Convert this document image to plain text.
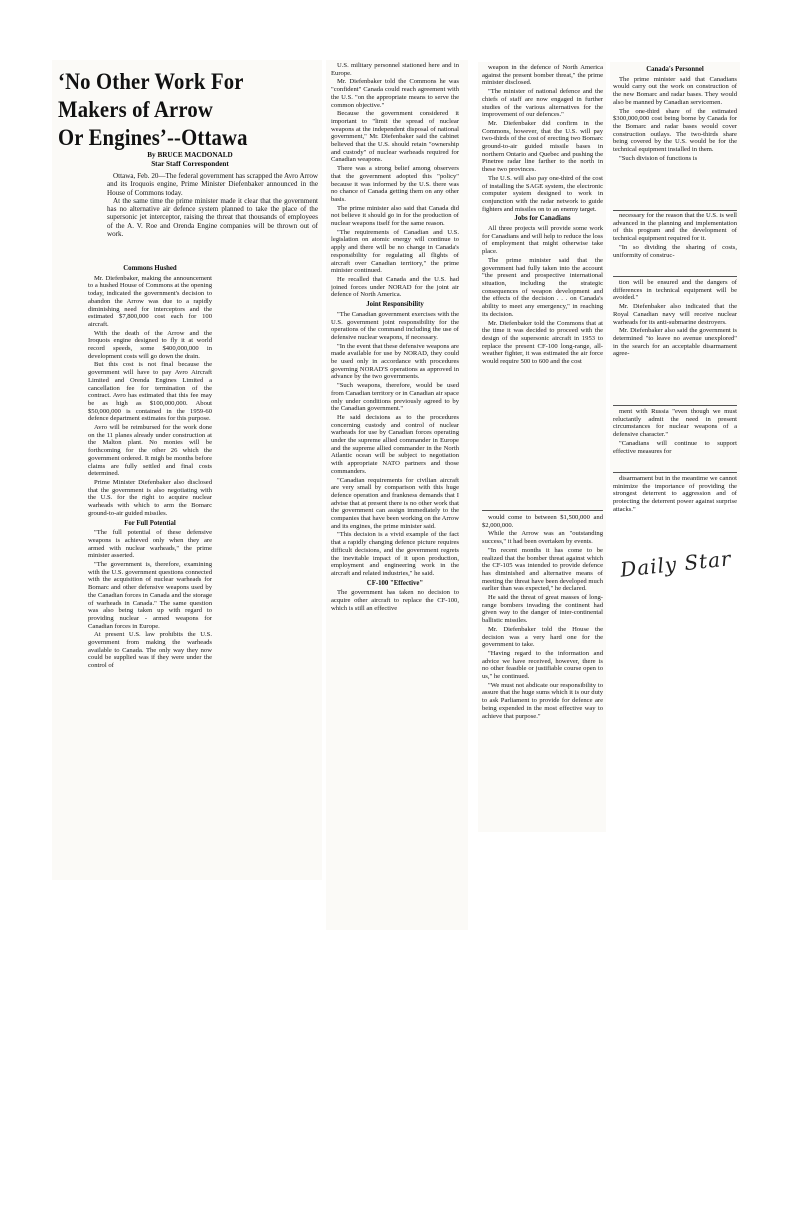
‘No Other Work For
Makers of Arrow
Or Engines’--Ottawa
By BRUCE MACDONALD
Star Staff Correspondent

Ottawa, Feb. 20—The federal government has scrapped the Avro Arrow and its Iroquois engine, Prime Minister Diefenbaker announced in the House of Commons today.

At the same time the prime minister made it clear that the government has no alternative air defence system planned to take the place of the supersonic jet interceptor, raising the threat that thousands of employees of the A. V. Roe and Orenda Engine companies will be thrown out of work.

Commons Hushed

Mr. Diefenbaker, making the announcement to a hushed House of Commons at the opening today, indicated the government's decision to abandon the Arrow was due to a rapidly diminishing need for interceptors and the estimated $7,800,000 cost each for 100 aircraft.

With the death of the Arrow and the Iroquois engine designed to fly it at world record speeds, some $400,000,000 in development costs will go down the drain.

But this cost is not final because the government will have to pay Avro Aircraft Limited and Orenda Engines Limited a cancellation fee for termination of the contract. Avro has estimated that this fee may be as high as $100,000,000. About $50,000,000 is contained in the 1959-60 defence department estimates for this purpose.

Avro will be reimbursed for the work done on the 11 planes already under construction at the Malton plant. No monies will be forthcoming for the other 26 which the government ordered. It migh be months before claims are fully settled and final costs determined.

Prime Minister Diefenbaker also disclosed that the government is also negotiating with the U.S. for the right to acquire nuclear warheads with which to arm the Bomarc ground-to-air guided missiles.

For Full Potential

"The full potential of these defensive weapons is achieved only when they are armed with nuclear warheads," the prime minister asserted.

"The government is, therefore, examining with the U.S. government questions connected with the acquisition of nuclear warheads for Bomarc and other defensive weapons used by the Canadian forces in Canada and the storage of warheads in Canada." The same question was also being taken up with regard to providing nuclear - armed weapons for Canadian forces in Europe.

At present U.S. law prohibits the U.S. government from making the warheads available to Canada. The only way they now could be supplied was if they were under the control of

U.S. military personnel stationed here and in Europe.

Mr. Diefenbaker told the Commons he was "confident" Canada could reach agreement with the U.S. "on the appropriate means to serve the common objective."

Because the government considered it important to "limit the spread of nuclear weapons at the independent disposal of national government," Mr. Diefenbaker said the cabinet believed that the U.S. should retain "ownership and custody" of nuclear warheads required for Canadian weapons.

There was a strong belief among observers that the government adopted this "policy" because it was informed by the U.S. there was no chance of Canada getting them on any other basis.

The prime minister also said that Canada did not believe it should go in for the production of nuclear weapons itself for the same reason.

"The requirements of Canadian and U.S. legislation on atomic energy will continue to apply and there will be no change in Canada's responsibility for regulating all flights of aircraft over Canadian territory," the prime minister continued.

He recalled that Canada and the U.S. had joined forces under NORAD for the joint air defence of North America.

Joint Responsibility

"The Canadian government exercises with the U.S. government joint responsibility for the operations of the command including the use of defensive nuclear weapons, if necessary.

"In the event that these defensive weapons are made available for use by NORAD, they could be used only in accordance with procedures governing NORAD'S operations as approved in advance by the two governments.

"Such weapons, therefore, would be used from Canadian territory or in Canadian air space only under conditions previously agreed to by the Canadian government."

He said decisions as to the procedures concerning custody and control of nuclear warheads for use by Canadian forces operating under the supreme allied commander in Europe and the supreme allied commander in the North Atlantic ocean will be subject to negotiation with appropriate NATO partners and those commanders.

"Canadian requirements for civilian aircraft are very small by comparison with this huge defence operation and frankness demands that I advise that at present there is no other work that the government can assign immediately to the companies that have been working on the Arrow and its engines, the prime minister said.

"This decision is a vivid example of the fact that a rapidly changing defence picture requires difficult decisions, and the government regrets the inevitable impact of it upon production, employment and engineering work in the aircraft and related industries," he said.

CF-100 "Effective"

The government has taken no decision to acquire other aircraft to replace the CF-100, which is still an effective

weapon in the defence of North America against the present bomber threat," the prime minister disclosed.

"The minister of national defence and the chiefs of staff are now engaged in further studies of the various alternatives for the improvement of our defences."

Mr. Diefenbaker did confirm in the Commons, however, that the U.S. will pay two-thirds of the cost of erecting two Bomarc ground-to-air guided missile bases in northern Ontario and Quebec and pushing the Pinetree radar line farther to the north in these two provinces.

The U.S. will also pay one-third of the cost of installing the SAGE system, the electronic computer system designed to work in conjunction with the radar network to guide fighters and missiles on to an enemy target.

Jobs for Canadians

All three projects will provide some work for Canadians and will help to reduce the loss of employment that might otherwise take place.

The prime minister said that the government had fully taken into the account "the present and prospective international situation, including the strategic consequences of weapon development and the effects of the decision . . . on Canada's ability to meet any emergency," in reaching its decision.

Mr. Diefenbaker told the Commons that at the time it was decided to proceed with the design of the supersonic aircraft in 1953 to replace the present CF-100 long-range, all-weather fighter, it was estimated the air force would require 500 to 600 and the cost

would come to between $1,500,000 and $2,000,000.

While the Arrow was an "outstanding success," it had been overtaken by events.

"In recent months it has come to be realized that the bomber threat against which the CF-105 was intended to provide defence has diminished and alternative means of meeting the threat have been developed much earlier than was expected," he declared.

He said the threat of great masses of long-range bombers invading the continent had given way to the danger of inter-continental ballistic missiles.

Mr. Diefenbaker told the House the decision was a very hard one for the government to take.

"Having regard to the information and advice we have received, however, there is no other feasible or justifiable course open to us," he continued.

"We must not abdicate our responsibility to assure that the huge sums which it is our duty to ask Parliament to provide for defence are being expended in the most effective way to achieve that purpose."

Canada's Personnel

The prime minister said that Canadians would carry out the work on construction of the new Bomarc and radar bases. They would also be manned by Canadian servicemen.

The one-third share of the estimated $300,000,000 cost being borne by Canada for the Bomarc and radar bases would cover construction outlays. The two-thirds share being covered by the U.S. would be for the technical equipment installed in them.

"Such division of functions is

necessary for the reason that the U.S. is well advanced in the planning and implementation of this program and the development of technical equipment required for it.

"In so dividing the sharing of costs, uniformity of construc-

tion will be ensured and the dangers of differences in technical equipment will be avoided."

Mr. Diefenbaker also indicated that the Royal Canadian navy will receive nuclear warheads for its anti-submarine destroyers.

Mr. Diefenbaker also said the government is determined "to leave no avenue unexplored" in the search for an acceptable disarmament agree-

ment with Russia "even though we must reluctantly admit the need in present circumstances for nuclear weapons of a defensive character."

"Canadians will continue to support effective measures for

disarmament but in the meantime we cannot minimize the importance of providing the strongest deterrent to aggression and of protecting the deterrent power against surprise attacks."

Daily Star
